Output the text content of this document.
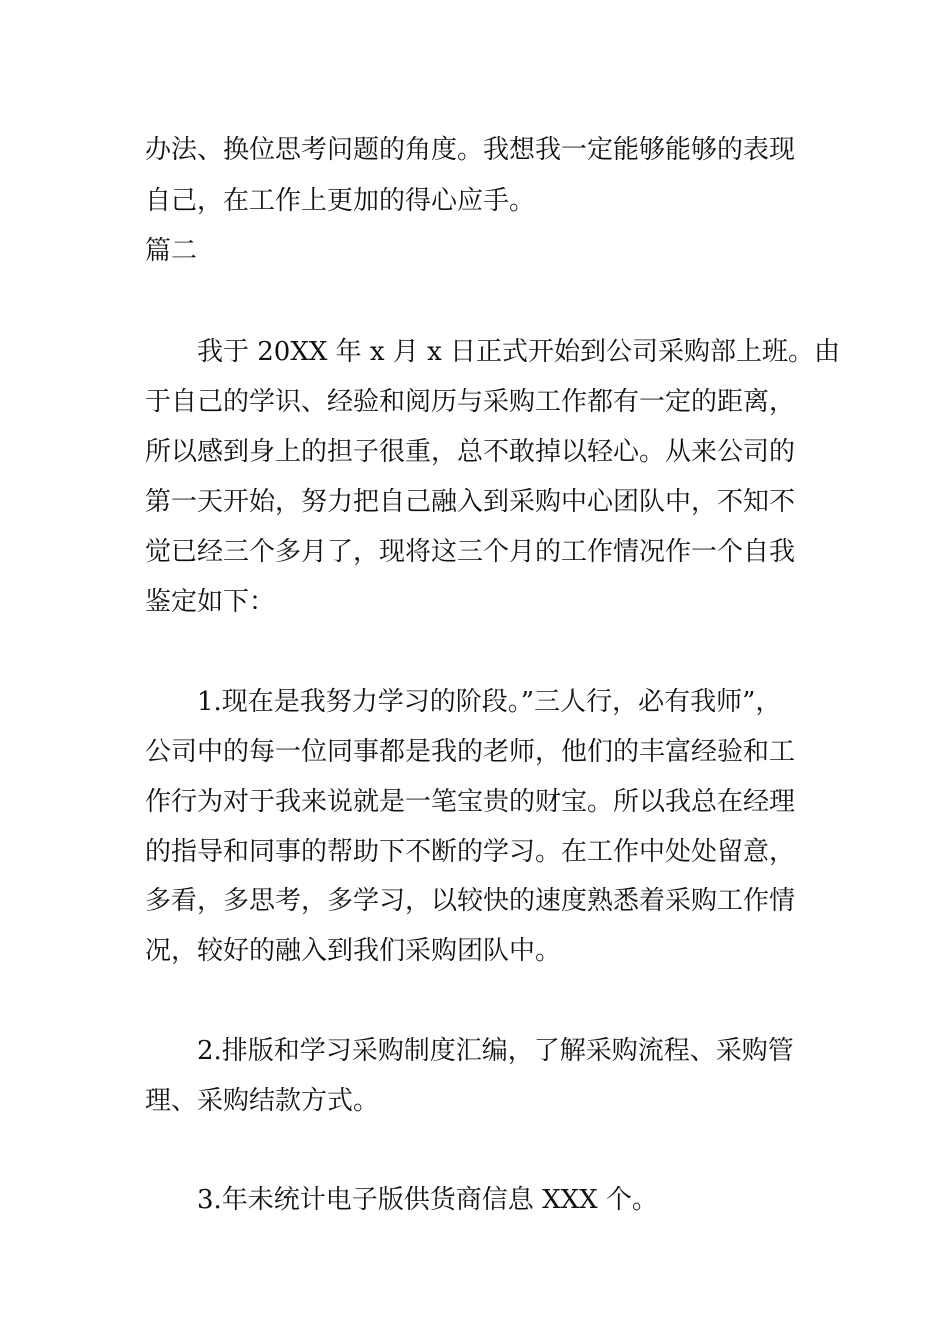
办法、换位思考问题的角度。我想我一定能够能够的表现
自己，在工作上更加的得心应手。
篇二
我于 20XX 年 x 月 x 日正式开始到公司采购部上班。由
于自己的学识、经验和阅历与采购工作都有一定的距离，
所以感到身上的担子很重，总不敢掉以轻心。从来公司的
第一天开始，努力把自己融入到采购中心团队中，不知不
觉已经三个多月了，现将这三个月的工作情况作一个自我
鉴定如下：
1.现在是我努力学习的阶段。”三人行，必有我师”，
公司中的每一位同事都是我的老师，他们的丰富经验和工
作行为对于我来说就是一笔宝贵的财宝。所以我总在经理
的指导和同事的帮助下不断的学习。在工作中处处留意，
多看，多思考，多学习，以较快的速度熟悉着采购工作情
况，较好的融入到我们采购团队中。
2.排版和学习采购制度汇编，了解采购流程、采购管
理、采购结款方式。
3.年未统计电子版供货商信息 XXX 个。
